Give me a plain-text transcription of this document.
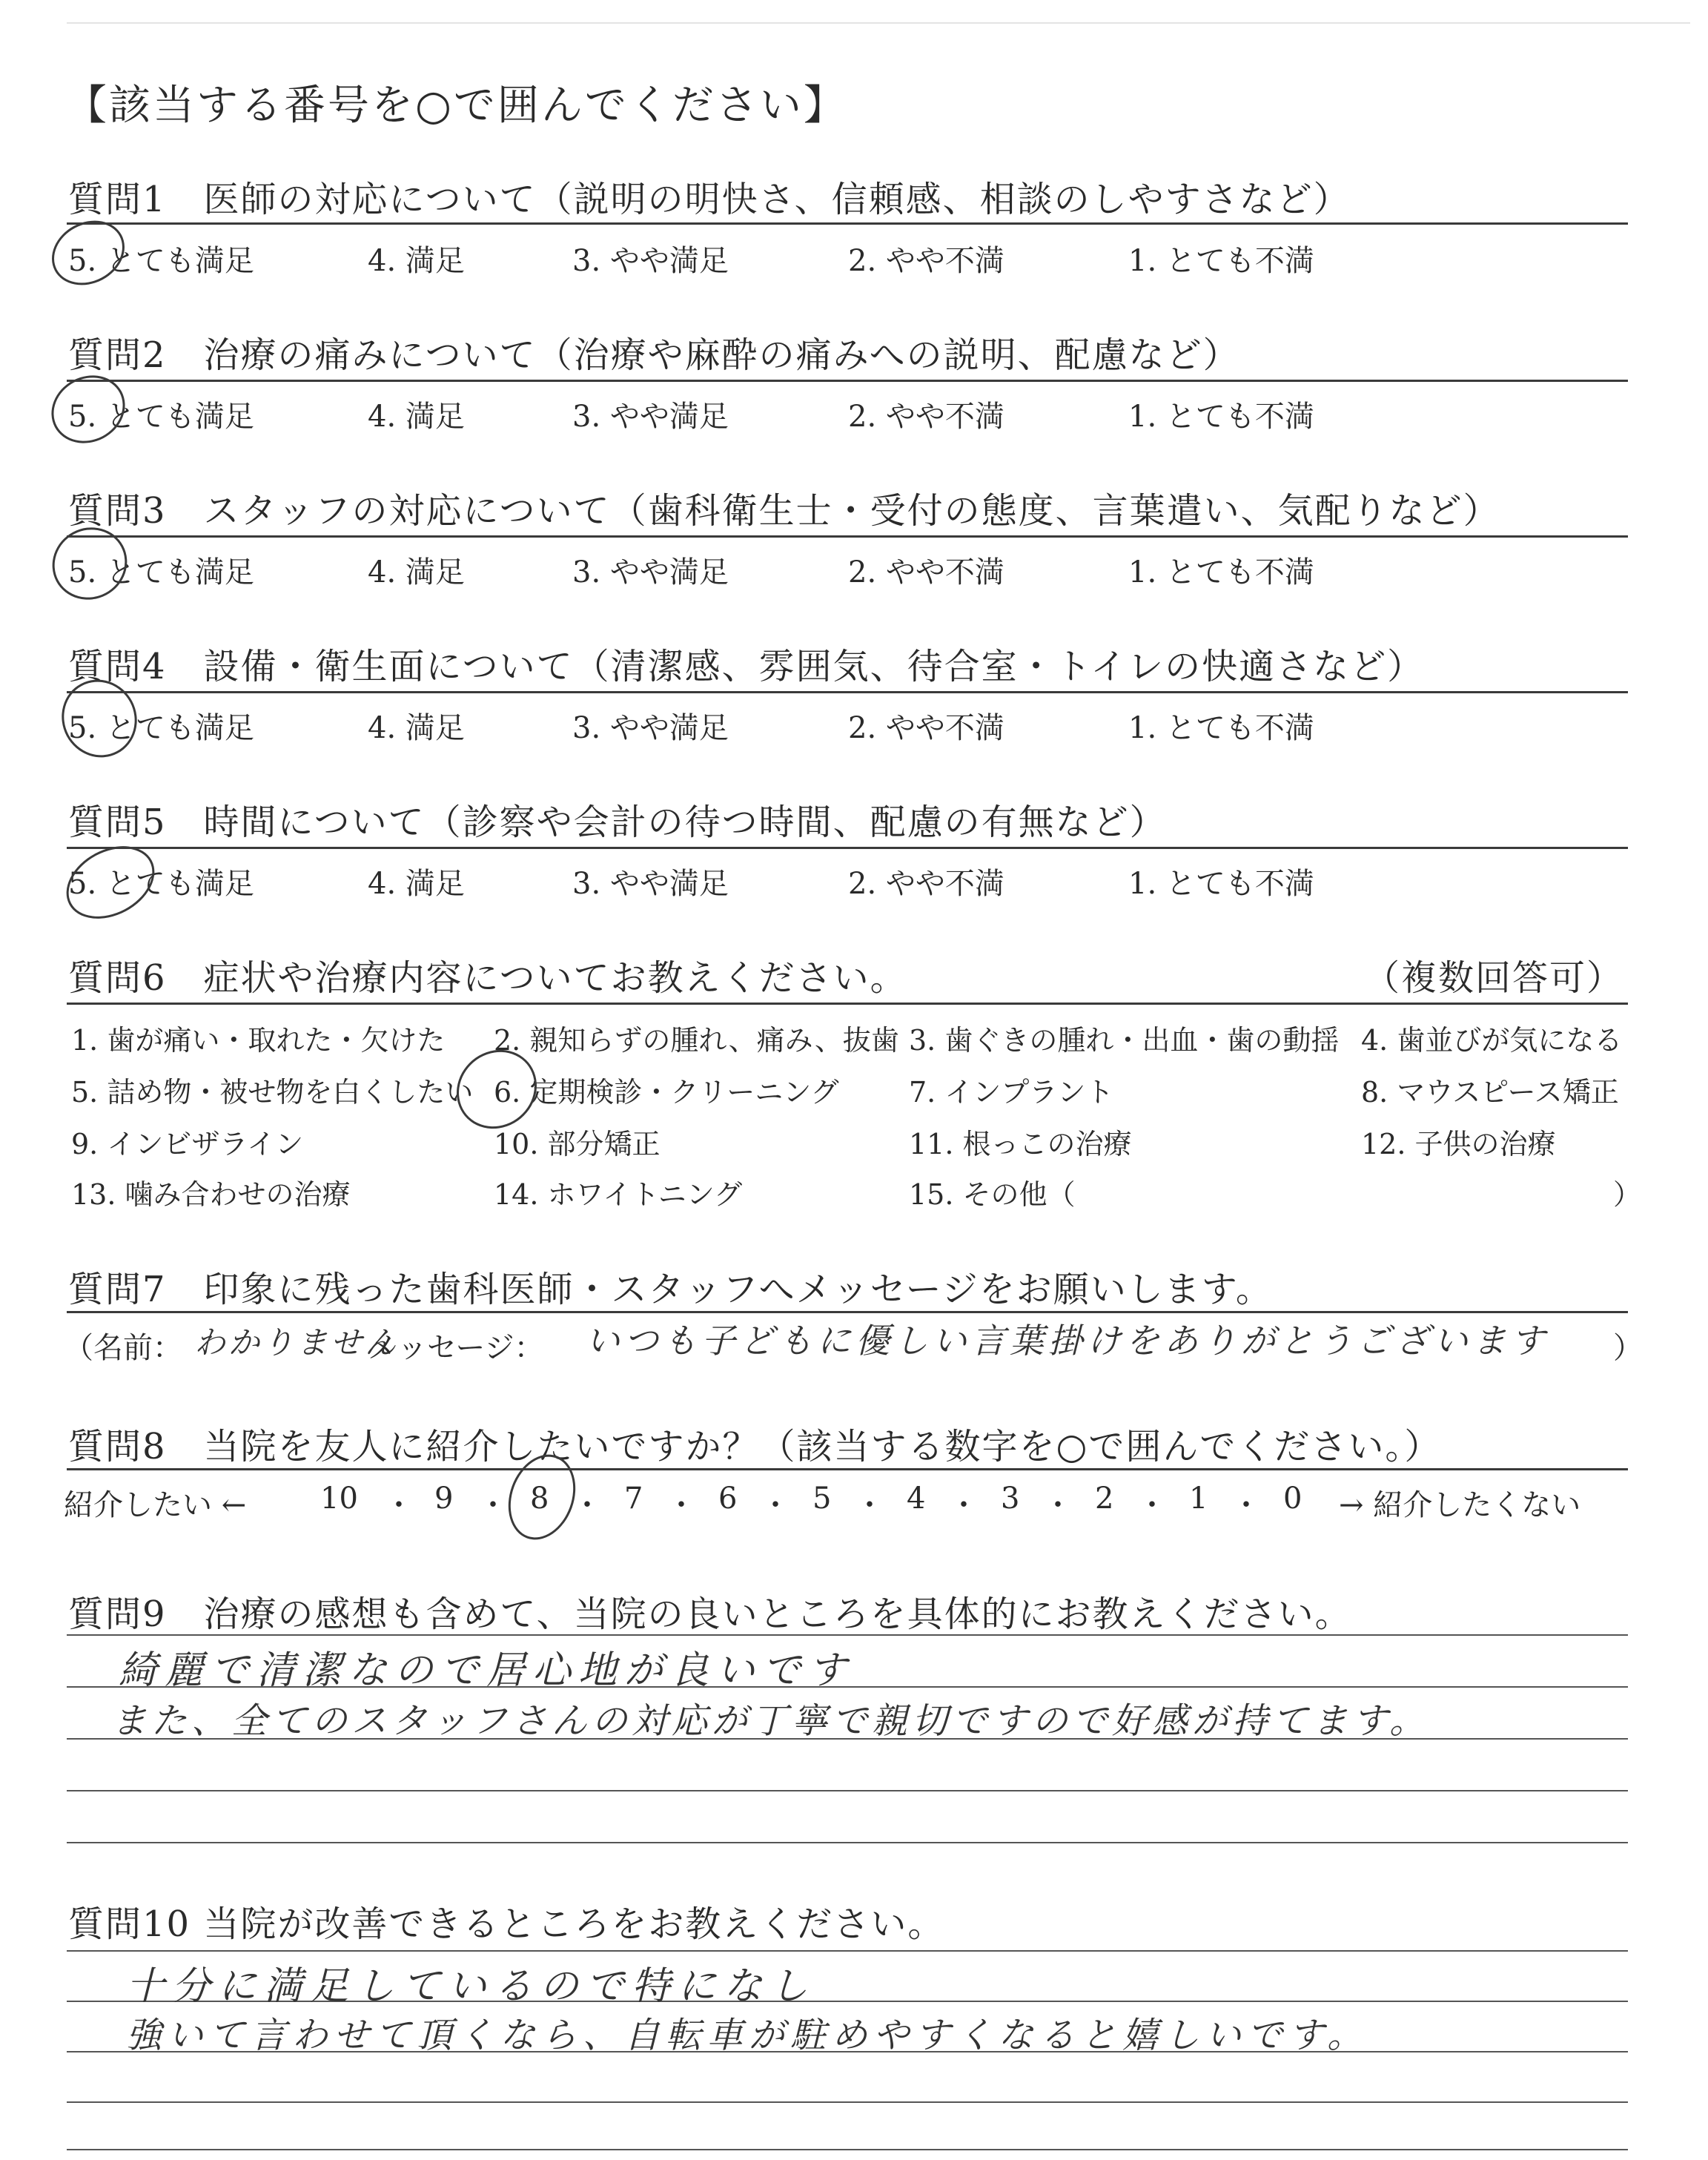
【該当する番号を○で囲んでください】
質問1　医師の対応について（説明の明快さ、信頼感、相談のしやすさなど）
5. とても満足	4. 満足	3. やや満足	2. やや不満	1. とても不満
質問2　治療の痛みについて（治療や麻酔の痛みへの説明、配慮など）
5. とても満足	4. 満足	3. やや満足	2. やや不満	1. とても不満
質問3　スタッフの対応について（歯科衛生士・受付の態度、言葉遣い、気配りなど）
5. とても満足	4. 満足	3. やや満足	2. やや不満	1. とても不満
質問4　設備・衛生面について（清潔感、雰囲気、待合室・トイレの快適さなど）
5. とても満足	4. 満足	3. やや満足	2. やや不満	1. とても不満
質問5　時間について（診察や会計の待つ時間、配慮の有無など）
5. とても満足	4. 満足	3. やや満足	2. やや不満	1. とても不満
質問6　症状や治療内容についてお教えください。	（複数回答可）
1. 歯が痛い・取れた・欠けた 2. 親知らずの腫れ、痛み、抜歯 3. 歯ぐきの腫れ・出血・歯の動揺 4. 歯並びが気になる
5. 詰め物・被せ物を白くしたい 6. 定期検診・クリーニング 7. インプラント	8. マウスピース矯正
9. インビザライン	10. 部分矯正	11. 根っこの治療	12. 子供の治療
13. 噛み合わせの治療	14. ホワイトニング	15. その他（	）
質問7　印象に残った歯科医師・スタッフへメッセージをお願いします。
（名前： わかりません
メッセージ： いつも子どもに優しい言葉掛けをありがとうございます ）
質問8　当院を友人に紹介したいですか？（該当する数字を○で囲んでください。）
紹介したい ← 10	9	8	7	6	5	4	3	2	1	0 → 紹介したくない
・ ・ ・ ・ ・ ・ ・ ・ ・ ・
質問9　治療の感想も含めて、当院の良いところを具体的にお教えください。
綺麗で清潔なので居心地が良いです
また、全てのスタッフさんの対応が丁寧で親切ですので好感が持てます。
質問10 当院が改善できるところをお教えください。
十分に満足しているので特になし
強いて言わせて頂くなら、自転車が駐めやすくなると嬉しいです。
